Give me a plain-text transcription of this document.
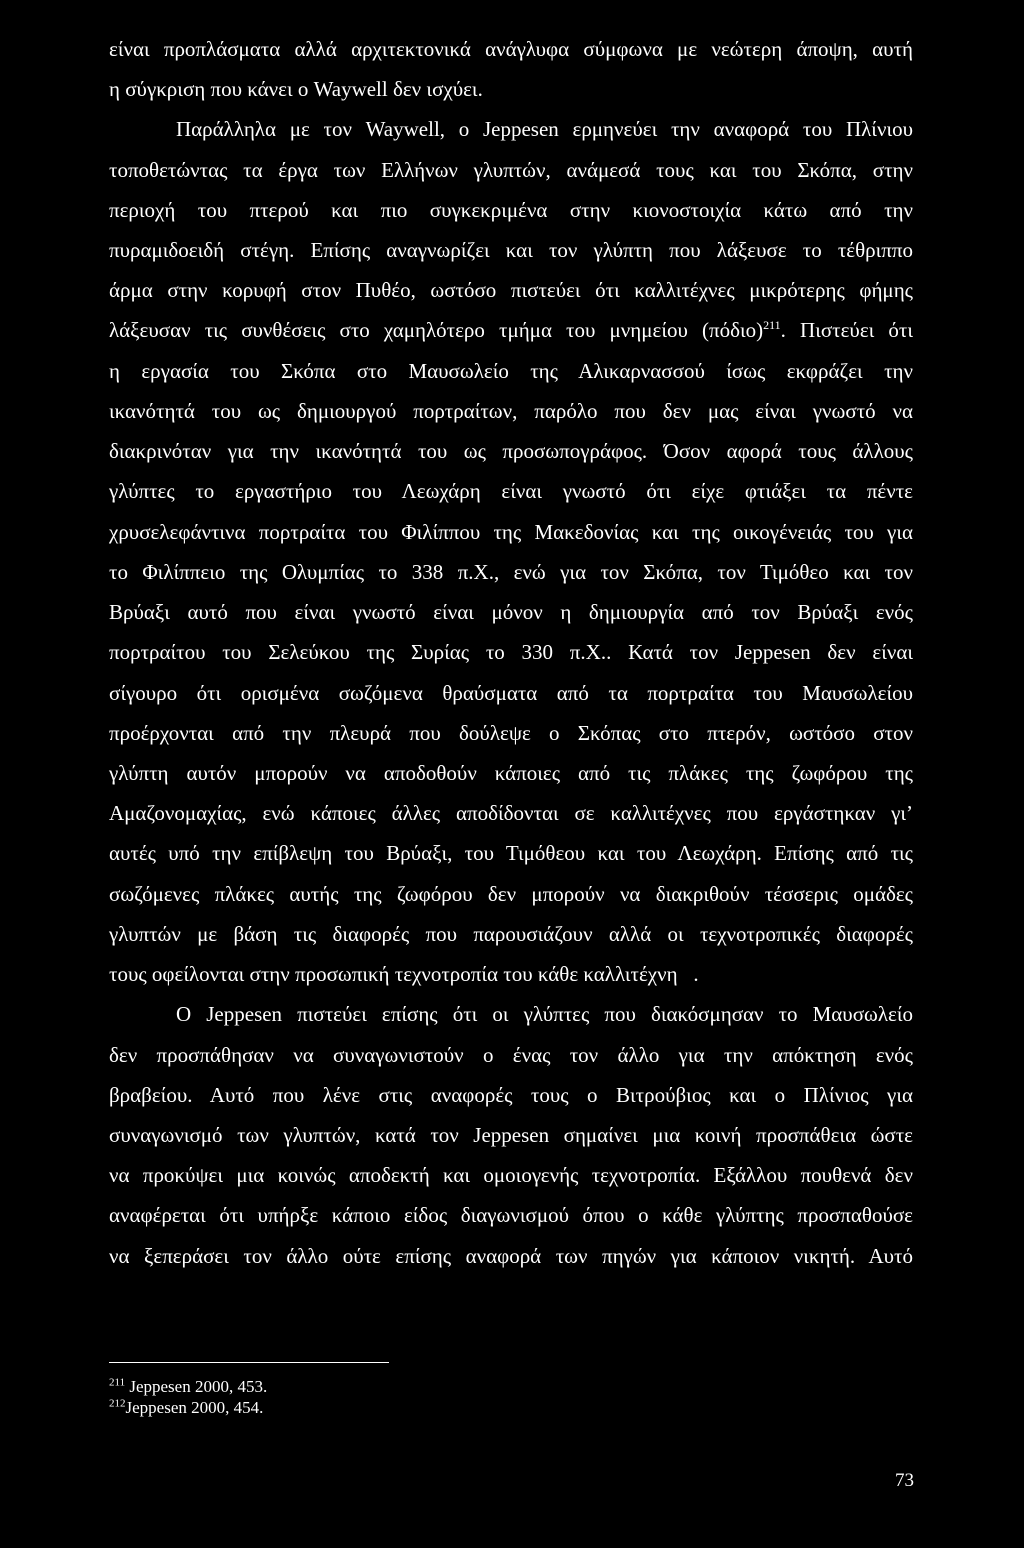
είναι προπλάσματα αλλά αρχιτεκτονικά ανάγλυφα σύμφωνα με νεώτερη άποψη, αυτή
η σύγκριση που κάνει ο Waywell δεν ισχύει.
Παράλληλα με τον Waywell, ο Jeppesen ερμηνεύει την αναφορά του Πλίνιου
τοποθετώντας τα έργα των Ελλήνων γλυπτών, ανάμεσά τους και του Σκόπα, στην
περιοχή του πτερού και πιο συγκεκριμένα στην κιονοστοιχία κάτω από την
πυραμιδοειδή στέγη. Επίσης αναγνωρίζει και τον γλύπτη που λάξευσε το τέθριππο
άρμα στην κορυφή στον Πυθέο, ωστόσο πιστεύει ότι καλλιτέχνες μικρότερης φήμης
λάξευσαν τις συνθέσεις στο χαμηλότερο τμήμα του μνημείου $(\pi ό\delta\iota o)^{211}$. Πιστεύει ότι
η εργασία του Σκόπα στο Μαυσωλείο της Αλικαρνασσού ίσως εκφράζει την
ικανότητά του ως δημιουργού πορτραίτων, παρόλο που δεν μας είναι γνωστό να
διακρινόταν για την ικανότητά του ως προσωπογράφος. Όσον αφορά τους άλλους
γλύπτες το εργαστήριο του Λεωχάρη είναι γνωστό ότι είχε φτιάξει τα πέντε
χρυσελεφάντινα πορτραίτα του Φιλίππου της Μακεδονίας και της οικογένειάς του για
το Φιλίππειο της Ολυμπίας το 338 π.Χ., ενώ για τον Σκόπα, τον Τιμόθεο και τον
Βρύαξι αυτό που είναι γνωστό είναι μόνον η δημιουργία από τον Βρύαξι ενός
πορτραίτου του Σελεύκου της Συρίας το 330 π.Χ.. Κατά τον Jeppesen δεν είναι
σίγουρο ότι ορισμένα σωζόμενα θραύσματα από τα πορτραίτα του Μαυσωλείου
προέρχονται από την πλευρά που δούλεψε ο Σκόπας στο πτερόν, ωστόσο στον
γλύπτη αυτόν μπορούν να αποδοθούν κάποιες από τις πλάκες της ζωφόρου της
Αμαζονομαχίας, ενώ κάποιες άλλες αποδίδονται σε καλλιτέχνες που εργάστηκαν γι’
αυτές υπό την επίβλεψη του Βρύαξι, του Τιμόθεου και του Λεωχάρη. Επίσης από τις
σωζόμενες πλάκες αυτής της ζωφόρου δεν μπορούν να διακριθούν τέσσερις ομάδες
γλυπτών με βάση τις διαφορές που παρουσιάζουν αλλά οι τεχνοτροπικές διαφορές
τους οφείλονται στην προσωπική τεχνοτροπία του κάθε καλλιτέχνη   .
Ο Jeppesen πιστεύει επίσης ότι οι γλύπτες που διακόσμησαν το Μαυσωλείο
δεν προσπάθησαν να συναγωνιστούν ο ένας τον άλλο για την απόκτηση ενός
βραβείου. Αυτό που λένε στις αναφορές τους ο Βιτρούβιος και ο Πλίνιος για
συναγωνισμό των γλυπτών, κατά τον Jeppesen σημαίνει μια κοινή προσπάθεια ώστε
να προκύψει μια κοινώς αποδεκτή και ομοιογενής τεχνοτροπία. Εξάλλου πουθενά δεν
αναφέρεται ότι υπήρξε κάποιο είδος διαγωνισμού όπου ο κάθε γλύπτης προσπαθούσε
να ξεπεράσει τον άλλο ούτε επίσης αναφορά των πηγών για κάποιον νικητή. Αυτό
$^{211}$ Jeppesen 2000, 453.
$^{212}$Jeppesen 2000, 454.
73
